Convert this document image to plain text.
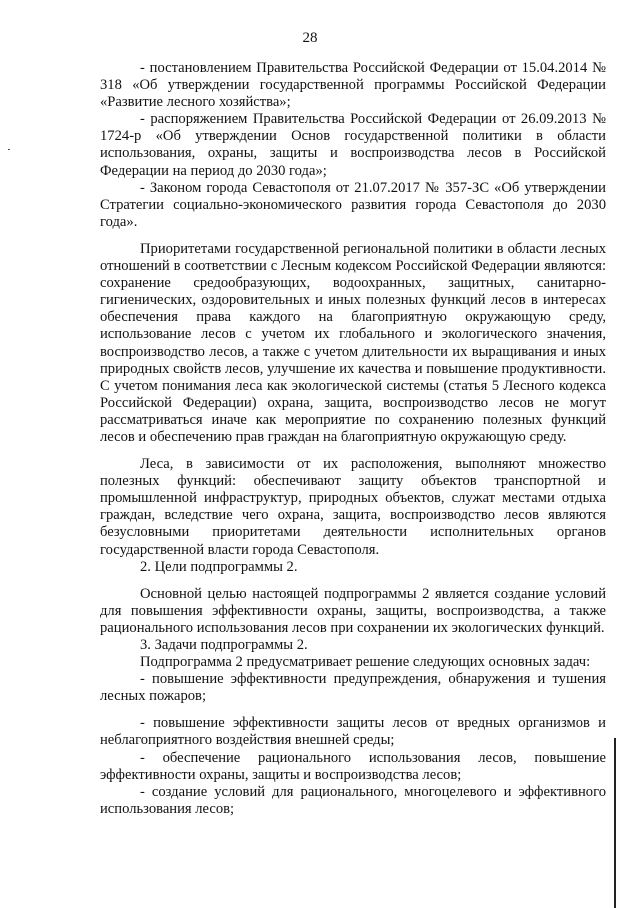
28

- постановлением Правительства Российской Федерации от 15.04.2014 № 318 «Об утверждении государственной программы Российской Федерации «Развитие лесного хозяйства»;

- распоряжением Правительства Российской Федерации от 26.09.2013 № 1724-р «Об утверждении Основ государственной политики в области использования, охраны, защиты и воспроизводства лесов в Российской Федерации на период до 2030 года»;

- Законом города Севастополя от 21.07.2017 № 357-ЗС «Об утверждении Стратегии социально-экономического развития города Севастополя до 2030 года».

Приоритетами государственной региональной политики в области лесных отношений в соответствии с Лесным кодексом Российской Федерации являются: сохранение средообразующих, водоохранных, защитных, санитарно-гигиенических, оздоровительных и иных полезных функций лесов в интересах обеспечения права каждого на благоприятную окружающую среду, использование лесов с учетом их глобального и экологического значения, воспроизводство лесов, а также с учетом длительности их выращивания и иных природных свойств лесов, улучшение их качества и повышение продуктивности. С учетом понимания леса как экологической системы (статья 5 Лесного кодекса Российской Федерации) охрана, защита, воспроизводство лесов не могут рассматриваться иначе как мероприятие по сохранению полезных функций лесов и обеспечению прав граждан на благоприятную окружающую среду.

Леса, в зависимости от их расположения, выполняют множество полезных функций: обеспечивают защиту объектов транспортной и промышленной инфраструктур, природных объектов, служат местами отдыха граждан, вследствие чего охрана, защита, воспроизводство лесов являются безусловными приоритетами деятельности исполнительных органов государственной власти города Севастополя.

2. Цели подпрограммы 2.

Основной целью настоящей подпрограммы 2 является создание условий для повышения эффективности охраны, защиты, воспроизводства, а также рационального использования лесов при сохранении их экологических функций.

3. Задачи подпрограммы 2.

Подпрограмма 2 предусматривает решение следующих основных задач:

- повышение эффективности предупреждения, обнаружения и тушения лесных пожаров;

- повышение эффективности защиты лесов от вредных организмов и неблагоприятного воздействия внешней среды;

- обеспечение рационального использования лесов, повышение эффективности охраны, защиты и воспроизводства лесов;

- создание условий для рационального, многоцелевого и эффективного использования лесов;
